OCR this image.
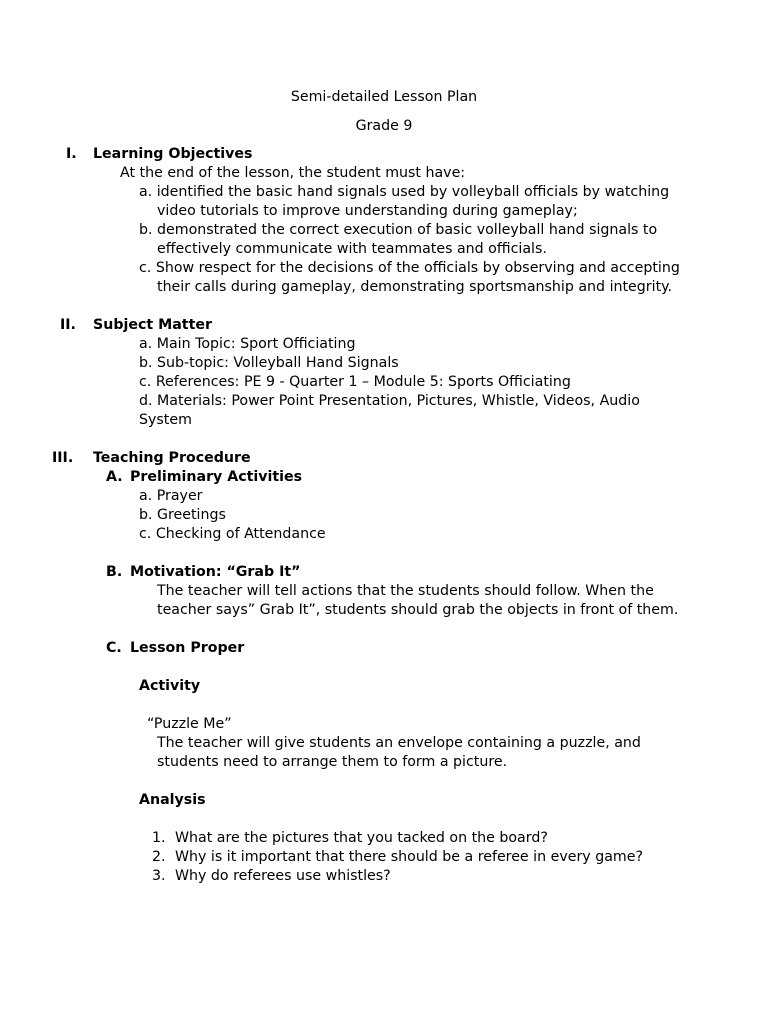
Semi-detailed Lesson Plan
Grade 9
I. Learning Objectives
At the end of the lesson, the student must have:
a. identified the basic hand signals used by volleyball officials by watching
video tutorials to improve understanding during gameplay;
b. demonstrated the correct execution of basic volleyball hand signals to
effectively communicate with teammates and officials.
c. Show respect for the decisions of the officials by observing and accepting
their calls during gameplay, demonstrating sportsmanship and integrity.
II. Subject Matter
a. Main Topic: Sport Officiating
b. Sub-topic: Volleyball Hand Signals
c. References: PE 9 - Quarter 1 – Module 5: Sports Officiating
d. Materials: Power Point Presentation, Pictures, Whistle, Videos, Audio
System
III. Teaching Procedure
A. Preliminary Activities
a. Prayer
b. Greetings
c. Checking of Attendance
B. Motivation: “Grab It”
The teacher will tell actions that the students should follow. When the
teacher says” Grab It”, students should grab the objects in front of them.
C. Lesson Proper
Activity
“Puzzle Me”
The teacher will give students an envelope containing a puzzle, and
students need to arrange them to form a picture.
Analysis
1. What are the pictures that you tacked on the board?
2. Why is it important that there should be a referee in every game?
3. Why do referees use whistles?
